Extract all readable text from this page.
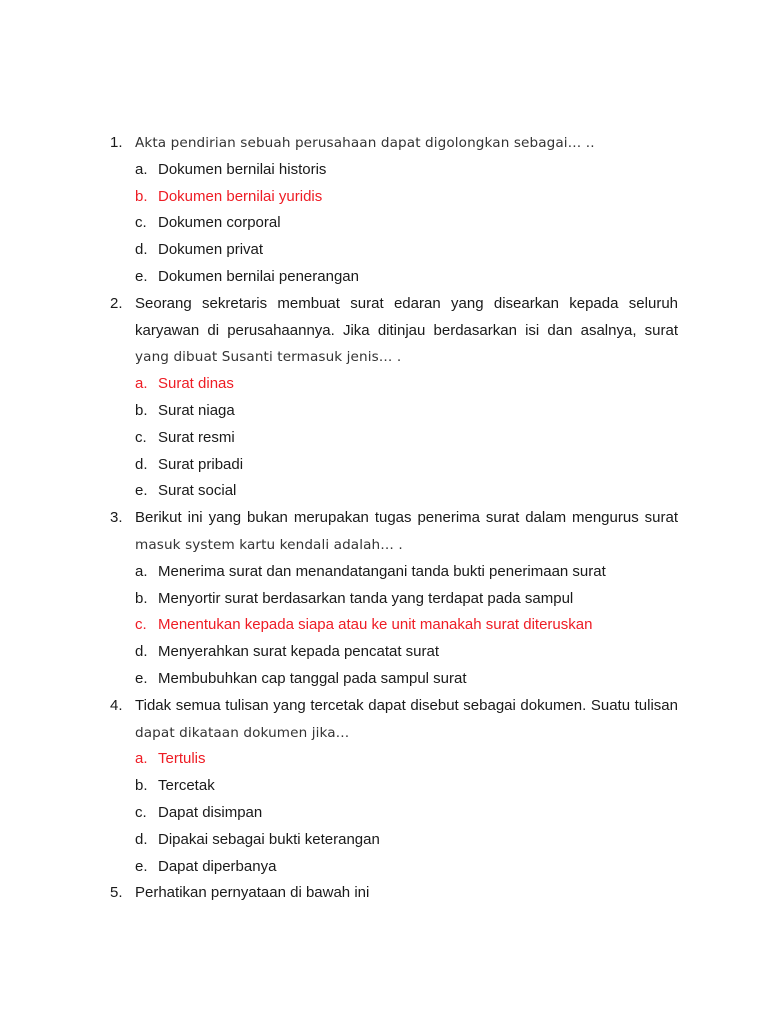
1. Akta pendirian sebuah perusahaan dapat digolongkan sebagai… ..
a. Dokumen bernilai historis
b. Dokumen bernilai yuridis
c. Dokumen corporal
d. Dokumen privat
e. Dokumen bernilai penerangan
2. Seorang sekretaris membuat surat edaran yang disearkan kepada seluruh
karyawan di perusahaannya. Jika ditinjau berdasarkan isi dan asalnya, surat
yang dibuat Susanti termasuk jenis… .
a. Surat dinas
b. Surat niaga
c. Surat resmi
d. Surat pribadi
e. Surat social
3. Berikut ini yang bukan merupakan tugas penerima surat dalam mengurus surat
masuk system kartu kendali adalah… .
a. Menerima surat dan menandatangani tanda bukti penerimaan surat
b. Menyortir surat berdasarkan tanda yang terdapat pada sampul
c. Menentukan kepada siapa atau ke unit manakah surat diteruskan
d. Menyerahkan surat kepada pencatat surat
e. Membubuhkan cap tanggal pada sampul surat
4. Tidak semua tulisan yang tercetak dapat disebut sebagai dokumen. Suatu tulisan
dapat dikataan dokumen jika…
a. Tertulis
b. Tercetak
c. Dapat disimpan
d. Dipakai sebagai bukti keterangan
e. Dapat diperbanya
5. Perhatikan pernyataan di bawah ini
